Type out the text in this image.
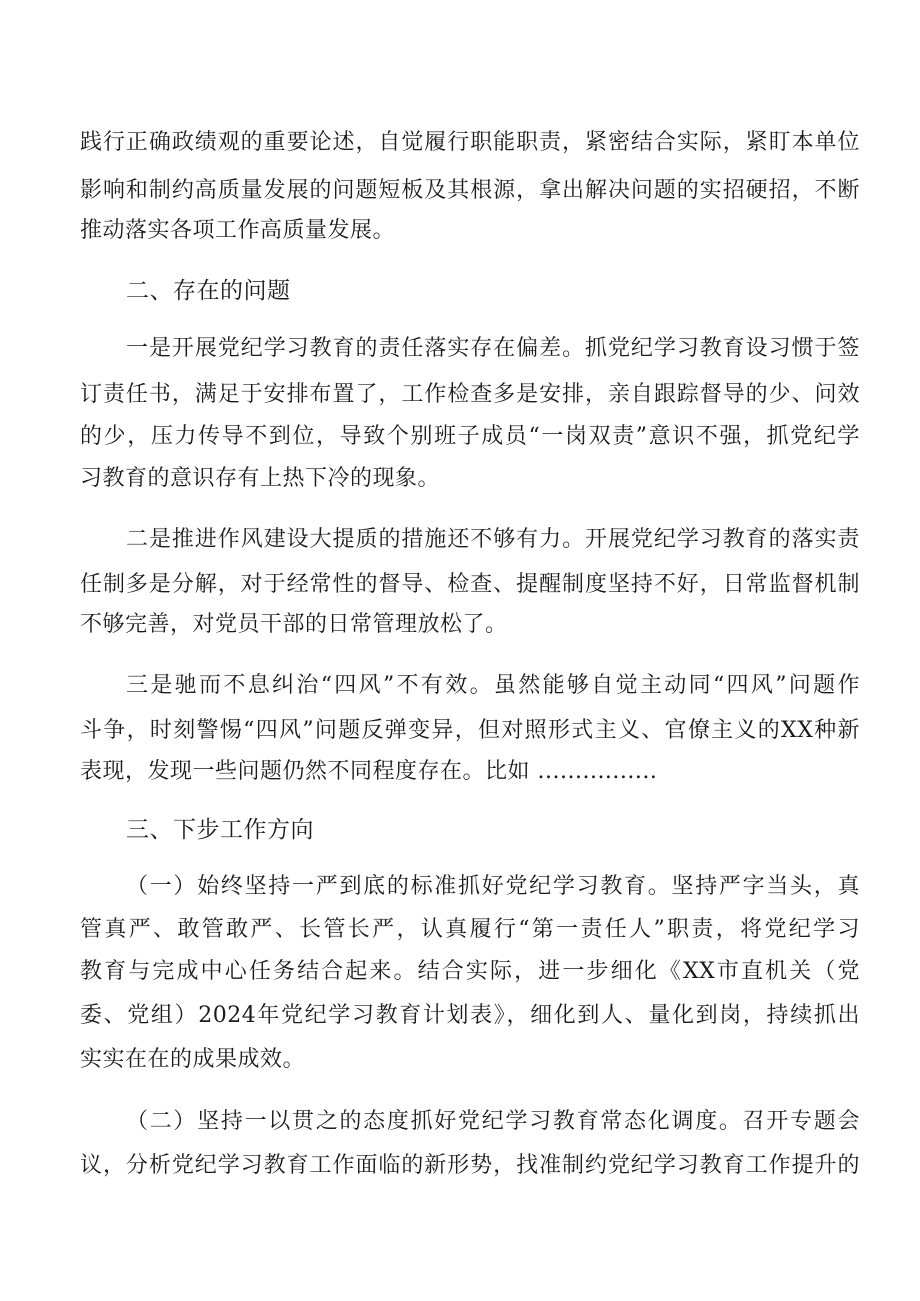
践行正确政绩观的重要论述，自觉履行职能职责，紧密结合实际，紧盯本单位
影响和制约高质量发展的问题短板及其根源，拿出解决问题的实招硬招，不断
推动落实各项工作高质量发展。
二、存在的问题
一是开展党纪学习教育的责任落实存在偏差。抓党纪学习教育设习惯于签
订责任书，满足于安排布置了，工作检查多是安排，亲自跟踪督导的少、问效
的少，压力传导不到位，导致个别班子成员“一岗双责”意识不强，抓党纪学
习教育的意识存有上热下冷的现象。
二是推进作风建设大提质的措施还不够有力。开展党纪学习教育的落实责
任制多是分解，对于经常性的督导、检查、提醒制度坚持不好，日常监督机制
不够完善，对党员干部的日常管理放松了。
三是驰而不息纠治“四风”不有效。虽然能够自觉主动同“四风”问题作
斗争，时刻警惕“四风”问题反弹变异，但对照形式主义、官僚主义的XX种新
表现，发现一些问题仍然不同程度存在。比如 ................
三、下步工作方向
（一）始终坚持一严到底的标准抓好党纪学习教育。坚持严字当头，真
管真严、敢管敢严、长管长严，认真履行“第一责任人”职责，将党纪学习
教育与完成中心任务结合起来。结合实际，进一步细化《XX市直机关（党
委、党组）2024年党纪学习教育计划表》，细化到人、量化到岗，持续抓出
实实在在的成果成效。
（二）坚持一以贯之的态度抓好党纪学习教育常态化调度。召开专题会
议，分析党纪学习教育工作面临的新形势，找准制约党纪学习教育工作提升的
